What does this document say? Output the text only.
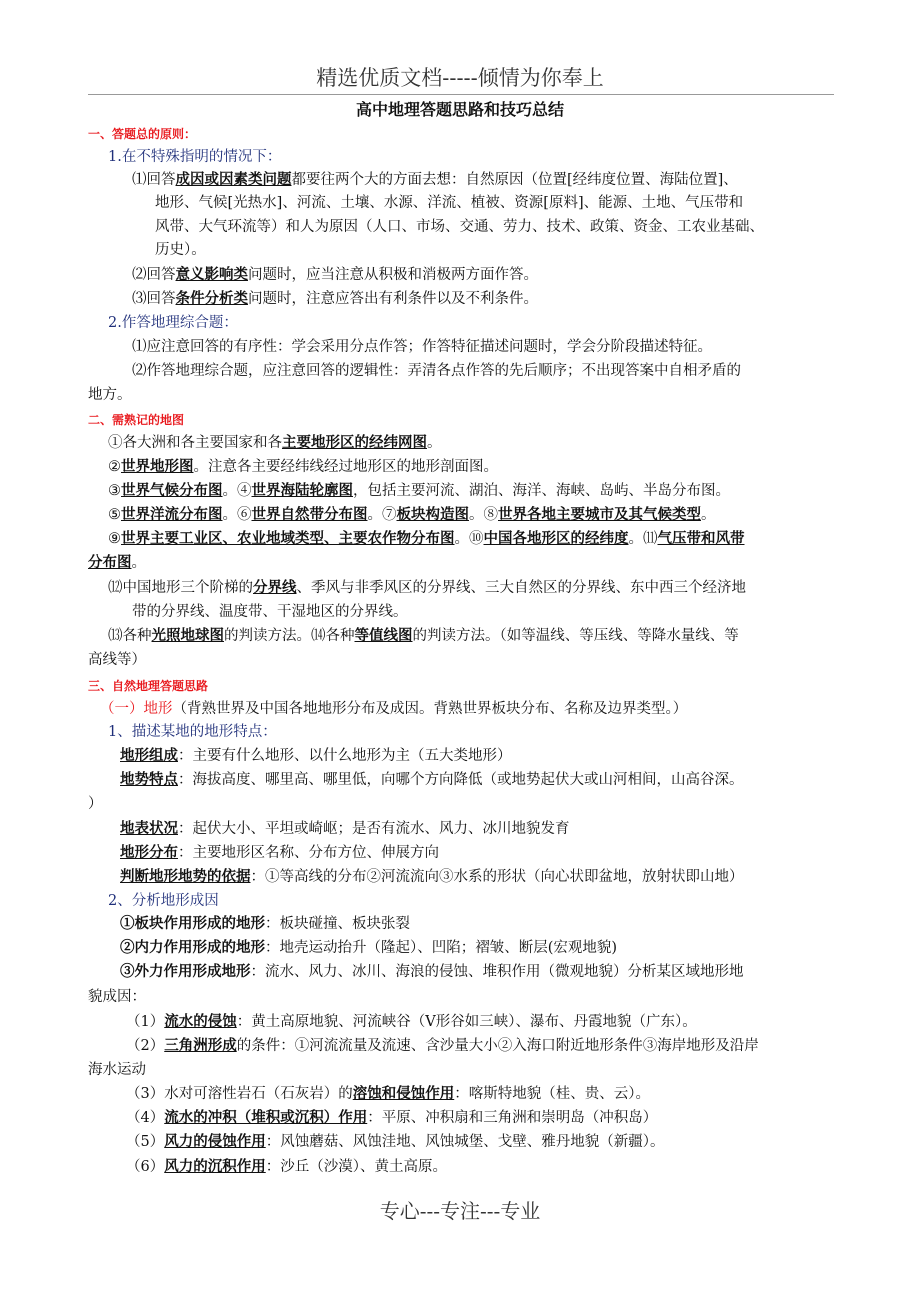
精选优质文档-----倾情为你奉上
高中地理答题思路和技巧总结
一、答题总的原则：
1.在不特殊指明的情况下：
⑴回答成因或因素类问题都要往两个大的方面去想：自然原因（位置[经纬度位置、海陆位置]、
地形、气候[光热水]、河流、土壤、水源、洋流、植被、资源[原料]、能源、土地、气压带和
风带、大气环流等）和人为原因（人口、市场、交通、劳力、技术、政策、资金、工农业基础、
历史）。
⑵回答意义影响类问题时，应当注意从积极和消极两方面作答。
⑶回答条件分析类问题时，注意应答出有利条件以及不利条件。
2.作答地理综合题：
⑴应注意回答的有序性：学会采用分点作答；作答特征描述问题时，学会分阶段描述特征。
⑵作答地理综合题，应注意回答的逻辑性：弄清各点作答的先后顺序；不出现答案中自相矛盾的
地方。
二、需熟记的地图
①各大洲和各主要国家和各主要地形区的经纬网图。
②世界地形图。注意各主要经纬线经过地形区的地形剖面图。
③世界气候分布图。④世界海陆轮廓图，包括主要河流、湖泊、海洋、海峡、岛屿、半岛分布图。
⑤世界洋流分布图。⑥世界自然带分布图。⑦板块构造图。⑧世界各地主要城市及其气候类型。
⑨世界主要工业区、农业地域类型、主要农作物分布图。⑩中国各地形区的经纬度。⑾气压带和风带
分布图。
⑿中国地形三个阶梯的分界线、季风与非季风区的分界线、三大自然区的分界线、东中西三个经济地
带的分界线、温度带、干湿地区的分界线。
⒀各种光照地球图的判读方法。⒁各种等值线图的判读方法。（如等温线、等压线、等降水量线、等
高线等）
三、自然地理答题思路
（一）地形（背熟世界及中国各地地形分布及成因。背熟世界板块分布、名称及边界类型。）
1、描述某地的地形特点：
地形组成：主要有什么地形、以什么地形为主（五大类地形）
地势特点：海拔高度、哪里高、哪里低，向哪个方向降低（或地势起伏大或山河相间，山高谷深。
）
地表状况：起伏大小、平坦或崎岖；是否有流水、风力、冰川地貌发育
地形分布：主要地形区名称、分布方位、伸展方向
判断地形地势的依据：①等高线的分布②河流流向③水系的形状（向心状即盆地，放射状即山地）
2、分析地形成因
①板块作用形成的地形：板块碰撞、板块张裂
②内力作用形成的地形：地壳运动抬升（隆起）、凹陷；褶皱、断层(宏观地貌)
③外力作用形成地形：流水、风力、冰川、海浪的侵蚀、堆积作用（微观地貌）分析某区域地形地
貌成因：
（1）流水的侵蚀：黄土高原地貌、河流峡谷（V形谷如三峡）、瀑布、丹霞地貌（广东）。
（2）三角洲形成的条件：①河流流量及流速、含沙量大小②入海口附近地形条件③海岸地形及沿岸
海水运动
（3）水对可溶性岩石（石灰岩）的溶蚀和侵蚀作用：喀斯特地貌（桂、贵、云）。
（4）流水的冲积（堆积或沉积）作用：平原、冲积扇和三角洲和崇明岛（冲积岛）
（5）风力的侵蚀作用：风蚀蘑菇、风蚀洼地、风蚀城堡、戈壁、雅丹地貌（新疆）。
（6）风力的沉积作用：沙丘（沙漠）、黄土高原。
专心---专注---专业
